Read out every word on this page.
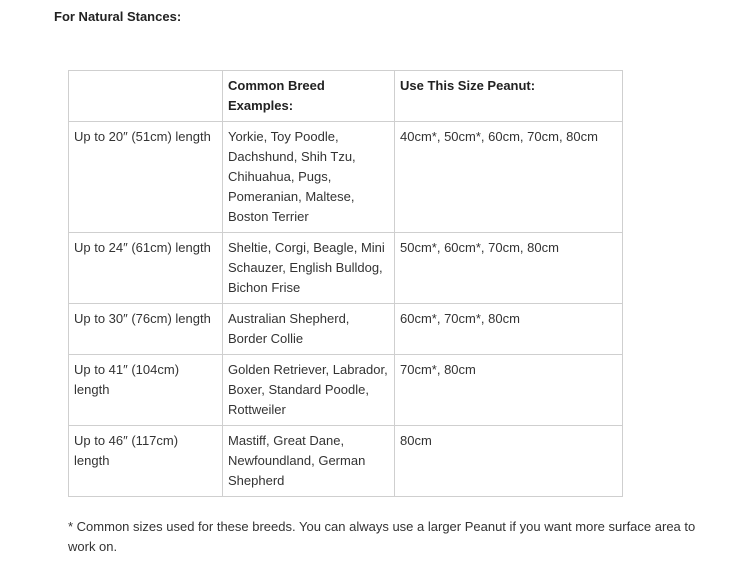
For Natural Stances:

	Common Breed Examples:	Use This Size Peanut:
Up to 20″ (51cm) length	Yorkie, Toy Poodle, Dachshund, Shih Tzu, Chihuahua, Pugs, Pomeranian, Maltese, Boston Terrier	40cm*, 50cm*, 60cm, 70cm, 80cm
Up to 24″ (61cm) length	Sheltie, Corgi, Beagle, Mini Schauzer, English Bulldog, Bichon Frise	50cm*, 60cm*, 70cm, 80cm
Up to 30″ (76cm) length	Australian Shepherd, Border Collie	60cm*, 70cm*, 80cm
Up to 41″ (104cm) length	Golden Retriever, Labrador, Boxer, Standard Poodle, Rottweiler	70cm*, 80cm
Up to 46″ (117cm) length	Mastiff, Great Dane, Newfoundland, German Shepherd	80cm

* Common sizes used for these breeds. You can always use a larger Peanut if you want more surface area to work on.
